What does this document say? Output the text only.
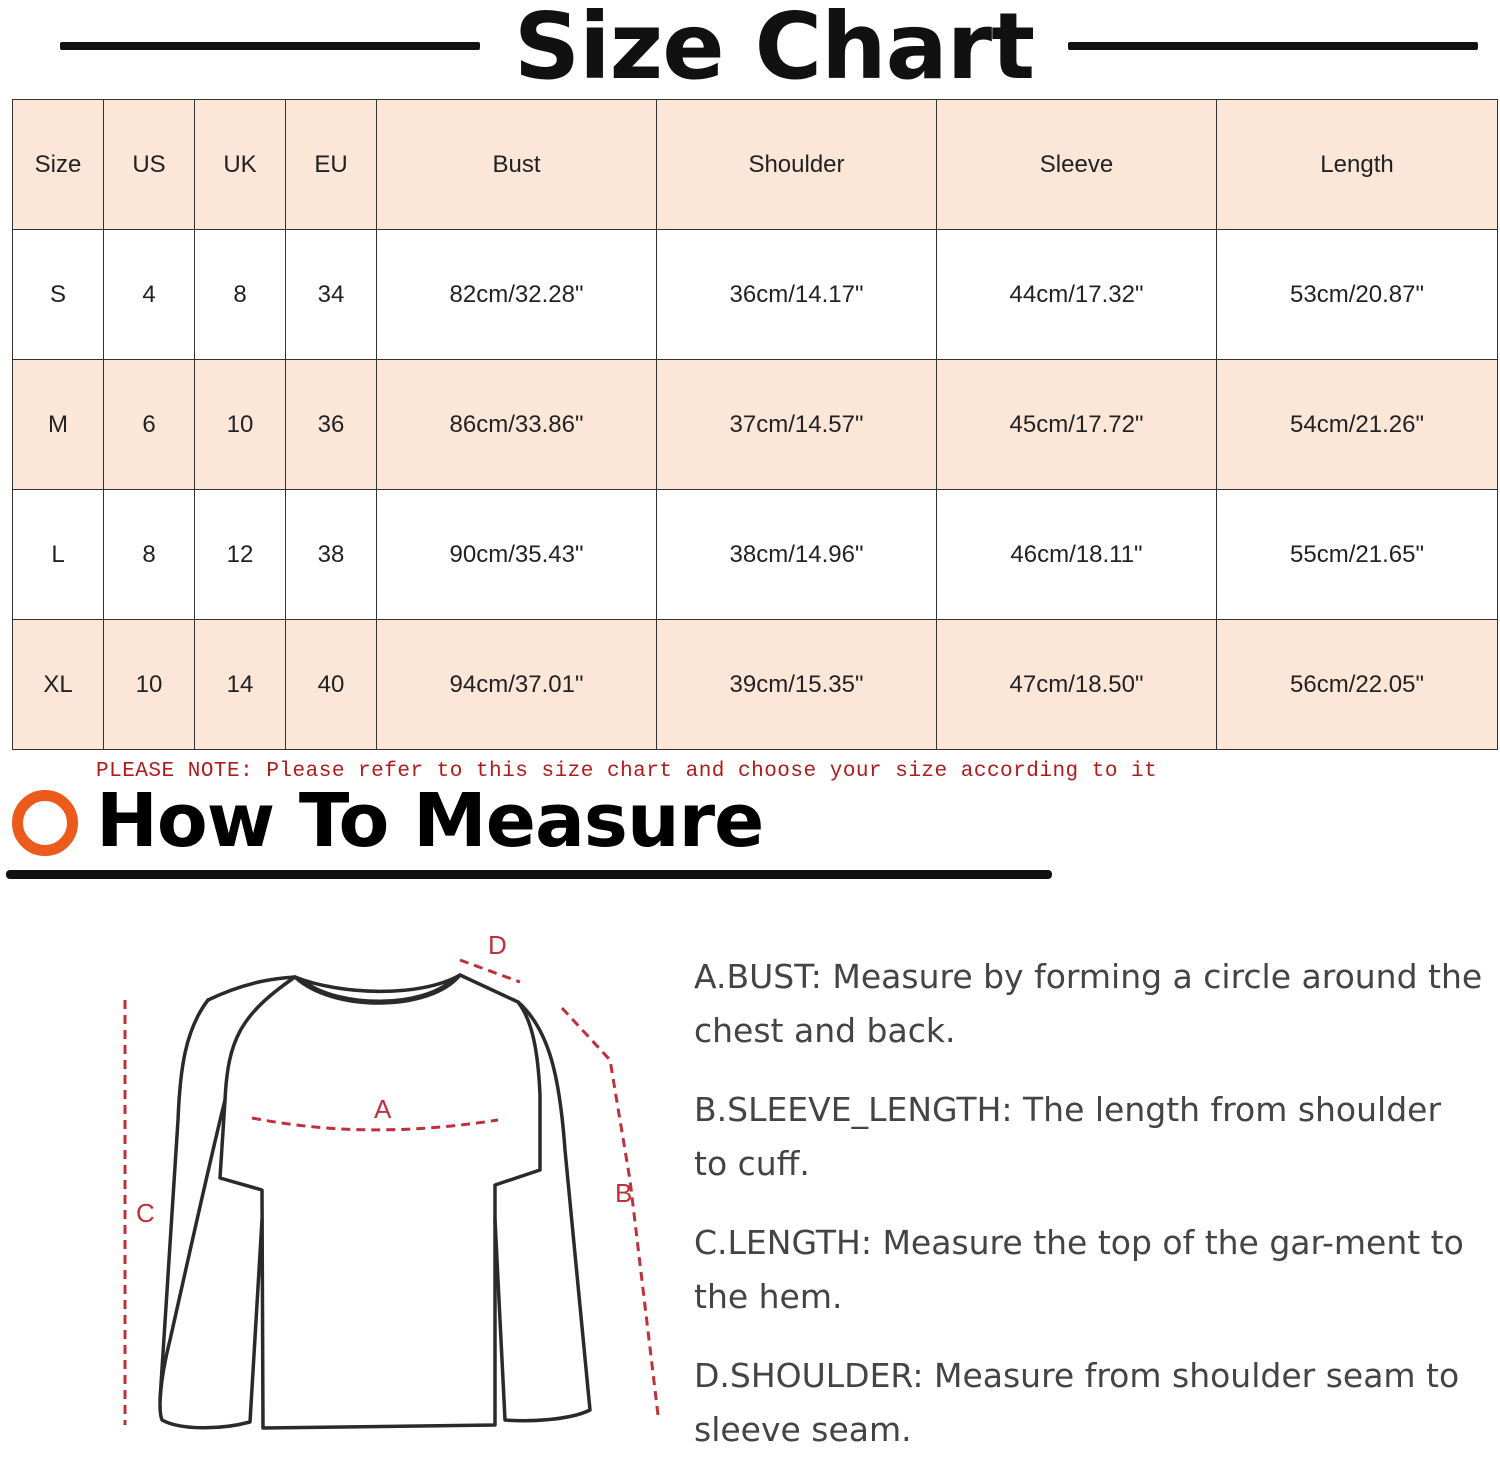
Size Chart
Size	US	UK	EU	Bust	Shoulder	Sleeve	Length
S	4	8	34	82cm/32.28"	36cm/14.17"	44cm/17.32"	53cm/20.87"
M	6	10	36	86cm/33.86"	37cm/14.57"	45cm/17.72"	54cm/21.26"
L	8	12	38	90cm/35.43"	38cm/14.96"	46cm/18.11"	55cm/21.65"
XL	10	14	40	94cm/37.01"	39cm/15.35"	47cm/18.50"	56cm/22.05"
PLEASE NOTE: Please refer to this size chart and choose your size according to it
How To Measure
A
B
C
D
A.BUST: Measure by forming a circle around the chest and back.
B.SLEEVE_LENGTH: The length from shoulder to cuff.
C.LENGTH: Measure the top of the gar-ment to the hem.
D.SHOULDER: Measure from shoulder seam to sleeve seam.
